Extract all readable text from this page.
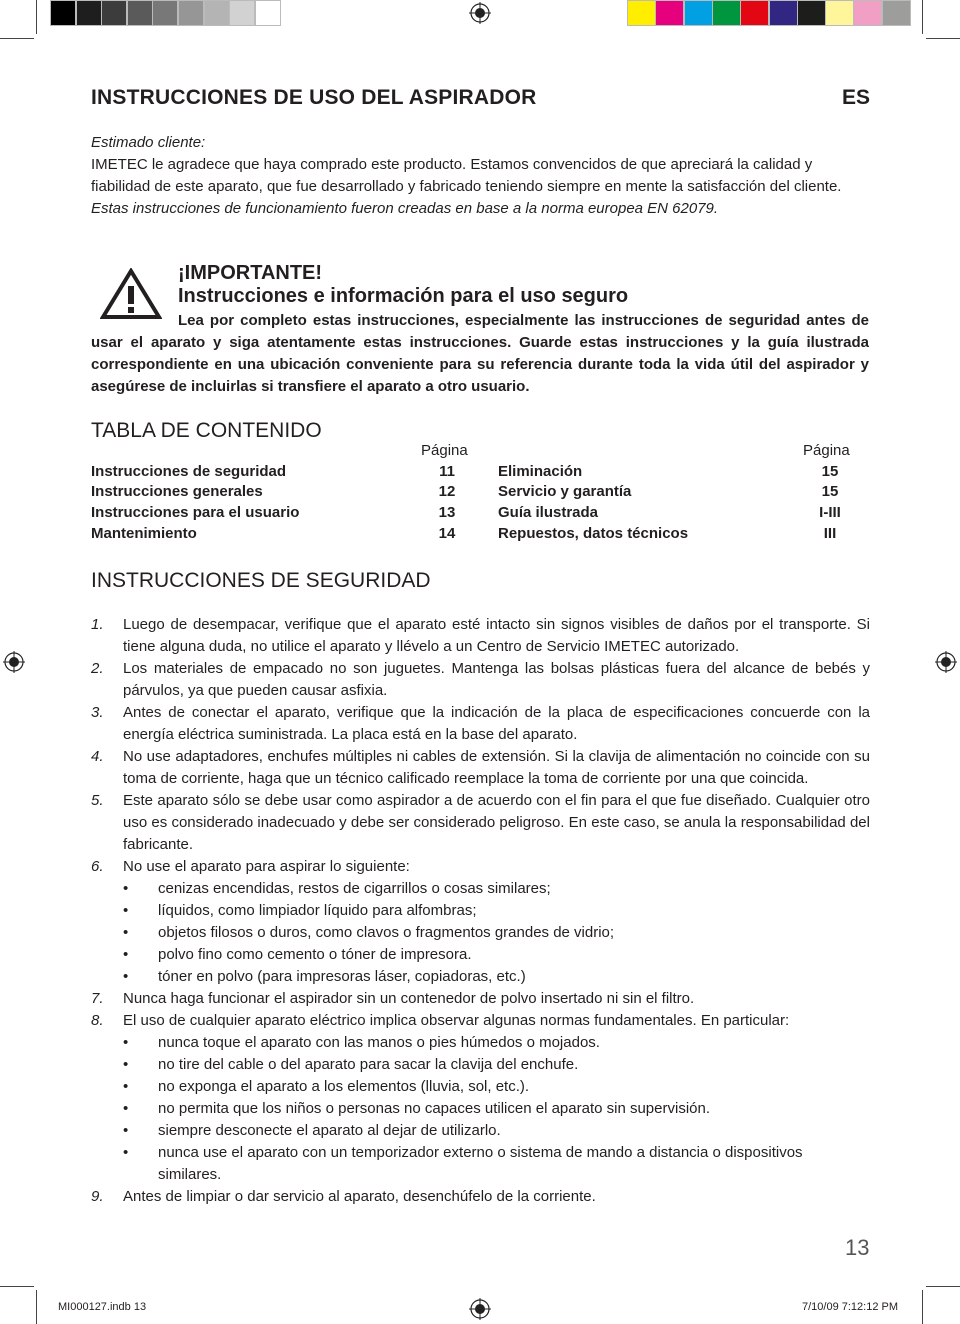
INSTRUCCIONES DE USO DEL ASPIRADOR	ES

Estimado cliente:

IMETEC le agradece que haya comprado este producto. Estamos convencidos de que apreciará la calidad y fiabilidad de este aparato, que fue desarrollado y fabricado teniendo siempre en mente la satisfacción del cliente.

Estas instrucciones de funcionamiento fueron creadas en base a la norma europea EN 62079.

¡IMPORTANTE!
Instrucciones e información para el uso seguro

Lea por completo estas instrucciones, especialmente las instrucciones de seguridad antes de usar el aparato y siga atentamente estas instrucciones. Guarde estas instrucciones y la guía ilustrada correspondiente en una ubicación conveniente para su referencia durante toda la vida útil del aspirador y asegúrese de incluirlas si transfiere el aparato a otro usuario.

TABLA DE CONTENIDO
Página
Instrucciones de seguridad	11
Instrucciones generales	12
Instrucciones para el usuario	13
Mantenimiento	14
Página
Eliminación	15
Servicio y garantía	15
Guía ilustrada	I-III
Repuestos, datos técnicos	III
INSTRUCCIONES DE SEGURIDAD
1. Luego de desempacar, verifique que el aparato esté intacto sin signos visibles de daños por el transporte. Si tiene alguna duda, no utilice el aparato y llévelo a un Centro de Servicio IMETEC autorizado.
2. Los materiales de empacado no son juguetes. Mantenga las bolsas plásticas fuera del alcance de bebés y párvulos, ya que pueden causar asfixia.
3. Antes de conectar el aparato, verifique que la indicación de la placa de especificaciones concuerde con la energía eléctrica suministrada. La placa está en la base del aparato.
4. No use adaptadores, enchufes múltiples ni cables de extensión. Si la clavija de alimentación no coincide con su toma de corriente, haga que un técnico calificado reemplace la toma de corriente por una que coincida.
5. Este aparato sólo se debe usar como aspirador a de acuerdo con el fin para el que fue diseñado. Cualquier otro uso es considerado inadecuado y debe ser considerado peligroso. En este caso, se anula la responsabilidad del fabricante.
6. No use el aparato para aspirar lo siguiente:
• cenizas encendidas, restos de cigarrillos o cosas similares;
• líquidos, como limpiador líquido para alfombras;
• objetos filosos o duros, como clavos o fragmentos grandes de vidrio;
• polvo fino como cemento o tóner de impresora.
• tóner en polvo (para impresoras láser, copiadoras, etc.)
7. Nunca haga funcionar el aspirador sin un contenedor de polvo insertado ni sin el filtro.
8. El uso de cualquier aparato eléctrico implica observar algunas normas fundamentales. En particular:
• nunca toque el aparato con las manos o pies húmedos o mojados.
• no tire del cable o del aparato para sacar la clavija del enchufe.
• no exponga el aparato a los elementos (lluvia, sol, etc.).
• no permita que los niños o personas no capaces utilicen el aparato sin supervisión.
• siempre desconecte el aparato al dejar de utilizarlo.
• nunca use el aparato con un temporizador externo o sistema de mando a distancia o dispositivos similares.
9. Antes de limpiar o dar servicio al aparato, desenchúfelo de la corriente.
13
MI000127.indb 13	7/10/09 7:12:12 PM
